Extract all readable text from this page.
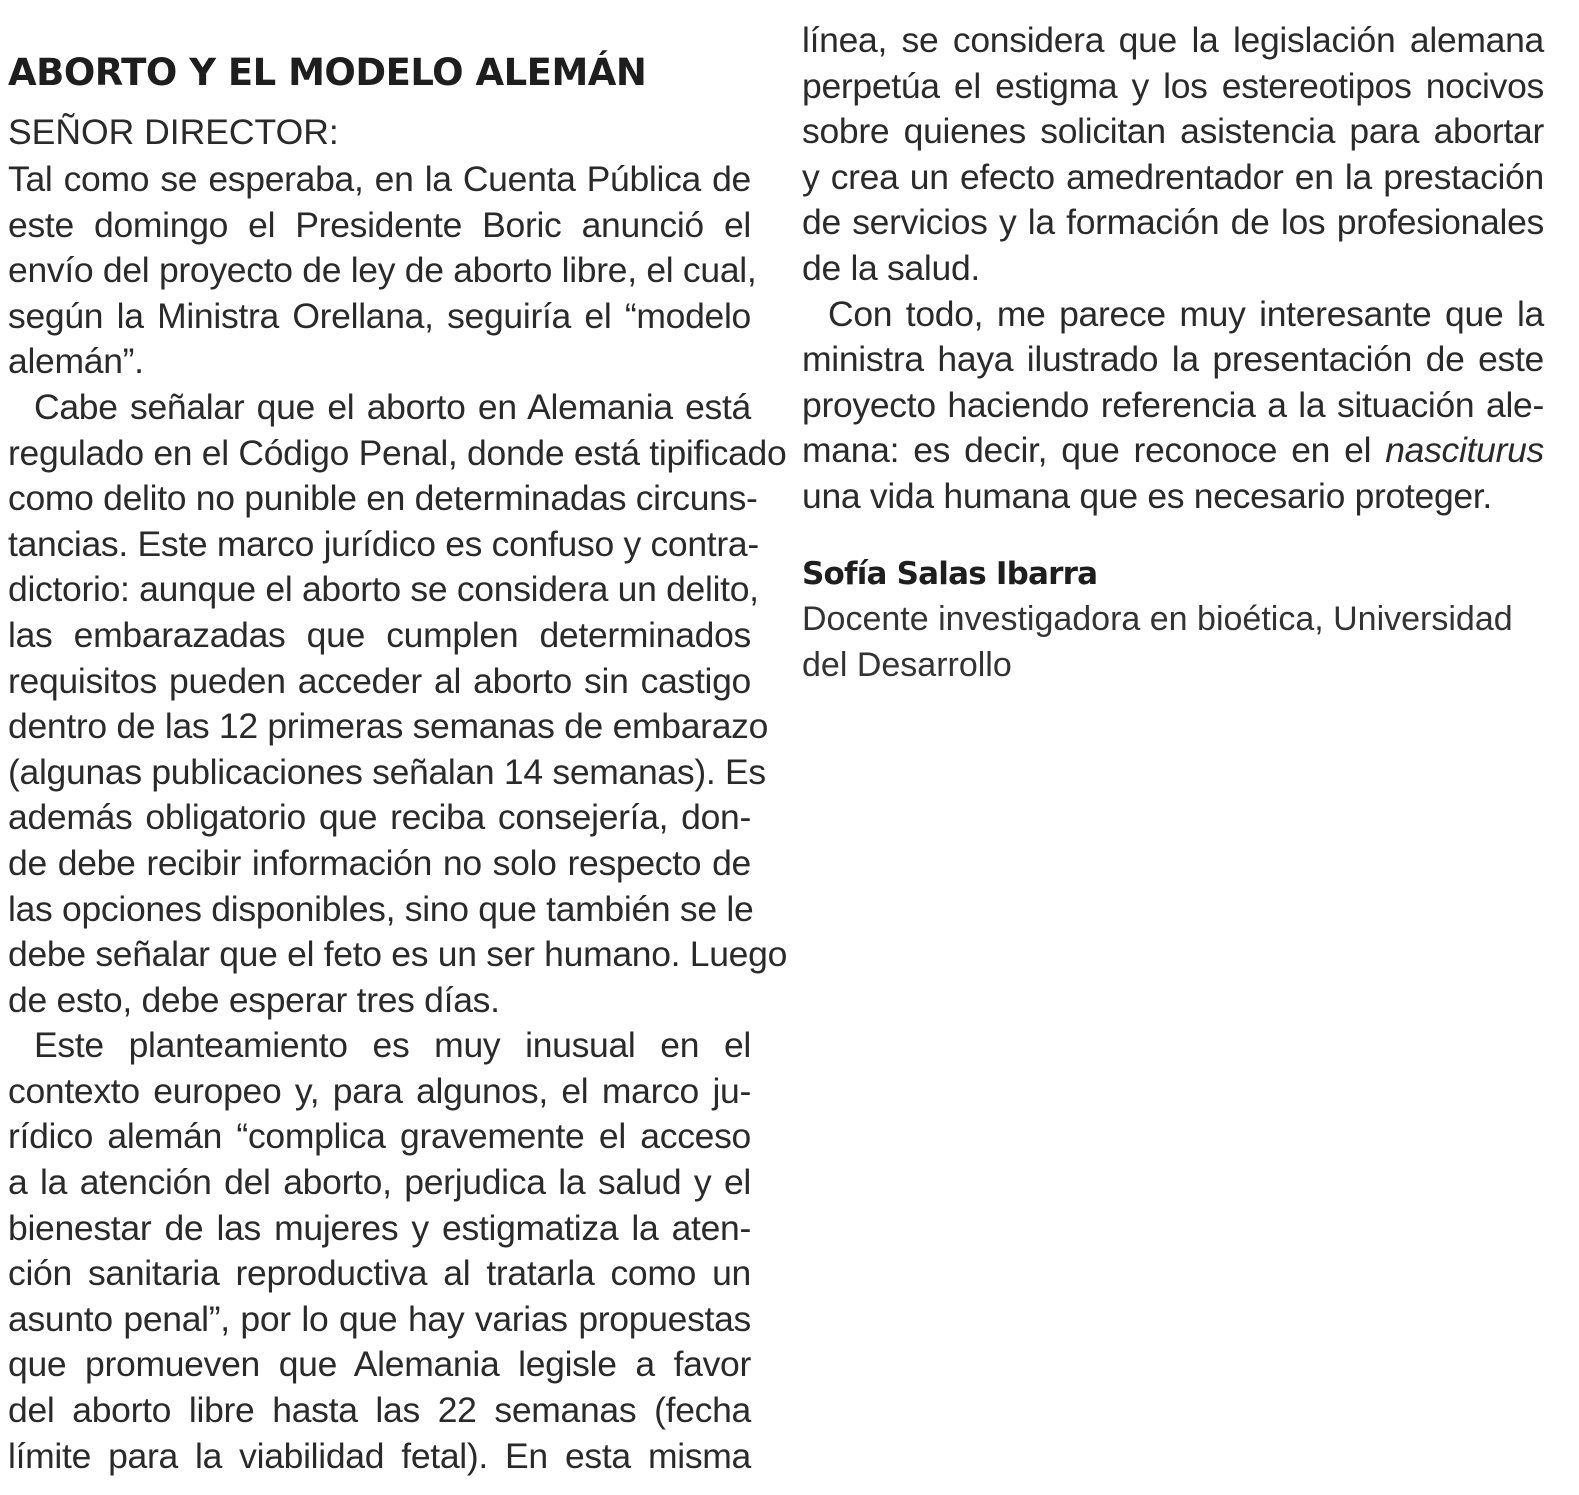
ABORTO Y EL MODELO ALEMÁN
SEÑOR DIRECTOR:
Tal como se esperaba, en la Cuenta Pública de
este domingo el Presidente Boric anunció el
envío del proyecto de ley de aborto libre, el cual,
según la Ministra Orellana, seguiría el “modelo
alemán”.
Cabe señalar que el aborto en Alemania está
regulado en el Código Penal, donde está tipificado
como delito no punible en determinadas circuns-
tancias. Este marco jurídico es confuso y contra-
dictorio: aunque el aborto se considera un delito,
las embarazadas que cumplen determinados
requisitos pueden acceder al aborto sin castigo
dentro de las 12 primeras semanas de embarazo
(algunas publicaciones señalan 14 semanas). Es
además obligatorio que reciba consejería, don-
de debe recibir información no solo respecto de
las opciones disponibles, sino que también se le
debe señalar que el feto es un ser humano. Luego
de esto, debe esperar tres días.
Este planteamiento es muy inusual en el
contexto europeo y, para algunos, el marco ju-
rídico alemán “complica gravemente el acceso
a la atención del aborto, perjudica la salud y el
bienestar de las mujeres y estigmatiza la aten-
ción sanitaria reproductiva al tratarla como un
asunto penal”, por lo que hay varias propuestas
que promueven que Alemania legisle a favor
del aborto libre hasta las 22 semanas (fecha
límite para la viabilidad fetal). En esta misma
línea, se considera que la legislación alemana
perpetúa el estigma y los estereotipos nocivos
sobre quienes solicitan asistencia para abortar
y crea un efecto amedrentador en la prestación
de servicios y la formación de los profesionales
de la salud.
Con todo, me parece muy interesante que la
ministra haya ilustrado la presentación de este
proyecto haciendo referencia a la situación ale-
mana: es decir, que reconoce en el nasciturus
una vida humana que es necesario proteger.
Sofía Salas Ibarra
Docente investigadora en bioética, Universidad
del Desarrollo
